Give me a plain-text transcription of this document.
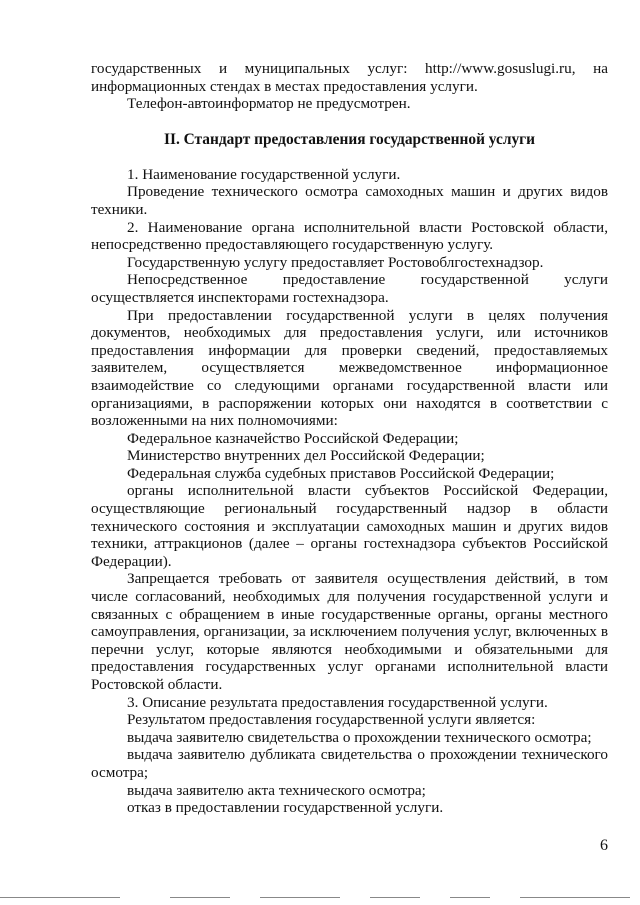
государственных и муниципальных услуг: http://www.gosuslugi.ru, на информационных стендах в местах предоставления услуги.

Телефон-автоинформатор не предусмотрен.

II. Стандарт предоставления государственной услуги

1. Наименование государственной услуги.

Проведение технического осмотра самоходных машин и других видов техники.

2. Наименование органа исполнительной власти Ростовской области, непосредственно предоставляющего государственную услугу.

Государственную услугу предоставляет Ростовоблгостехнадзор.

Непосредственное предоставление государственной услуги осуществляется инспекторами гостехнадзора.

При предоставлении государственной услуги в целях получения документов, необходимых для предоставления услуги, или источников предоставления информации для проверки сведений, предоставляемых заявителем, осуществляется межведомственное информационное взаимодействие со следующими органами государственной власти или организациями, в распоряжении которых они находятся в соответствии с возложенными на них полномочиями:

Федеральное казначейство Российской Федерации;

Министерство внутренних дел Российской Федерации;

Федеральная служба судебных приставов Российской Федерации;

органы исполнительной власти субъектов Российской Федерации, осуществляющие региональный государственный надзор в области технического состояния и эксплуатации самоходных машин и других видов техники, аттракционов (далее – органы гостехнадзора субъектов Российской Федерации).

Запрещается требовать от заявителя осуществления действий, в том числе согласований, необходимых для получения государственной услуги и связанных с обращением в иные государственные органы, органы местного самоуправления, организации, за исключением получения услуг, включенных в перечни услуг, которые являются необходимыми и обязательными для предоставления государственных услуг органами исполнительной власти Ростовской области.

3. Описание результата предоставления государственной услуги.

Результатом предоставления государственной услуги является:

выдача заявителю свидетельства о прохождении технического осмотра;

выдача заявителю дубликата свидетельства о прохождении технического осмотра;

выдача заявителю акта технического осмотра;

отказ в предоставлении государственной услуги.

6
